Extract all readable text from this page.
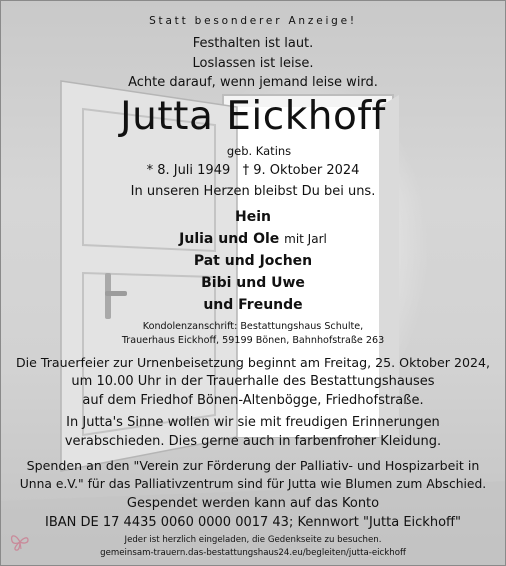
Statt besonderer Anzeige!
Festhalten ist laut.
Loslassen ist leise.
Achte darauf, wenn jemand leise wird.
Jutta Eickhoff
geb. Katins
* 8. Juli 1949   † 9. Oktober 2024
In unseren Herzen bleibst Du bei uns.
Hein
Julia und Ole mit Jarl
Pat und Jochen
Bibi und Uwe
und Freunde
Kondolenzanschrift: Bestattungshaus Schulte,
Trauerhaus Eickhoff, 59199 Bönen, Bahnhofstraße 263
Die Trauerfeier zur Urnenbeisetzung beginnt am Freitag, 25. Oktober 2024,
um 10.00 Uhr in der Trauerhalle des Bestattungshauses
auf dem Friedhof Bönen-Altenbögge, Friedhofstraße.
In Jutta's Sinne wollen wir sie mit freudigen Erinnerungen
verabschieden. Dies gerne auch in farbenfroher Kleidung.
Spenden an den "Verein zur Förderung der Palliativ- und Hospizarbeit in
Unna e.V." für das Palliativzentrum sind für Jutta wie Blumen zum Abschied.
Gespendet werden kann auf das Konto
IBAN DE 17 4435 0060 0000 0017 43; Kennwort "Jutta Eickhoff"
Jeder ist herzlich eingeladen, die Gedenkseite zu besuchen.
gemeinsam-trauern.das-bestattungshaus24.eu/begleiten/jutta-eickhoff
